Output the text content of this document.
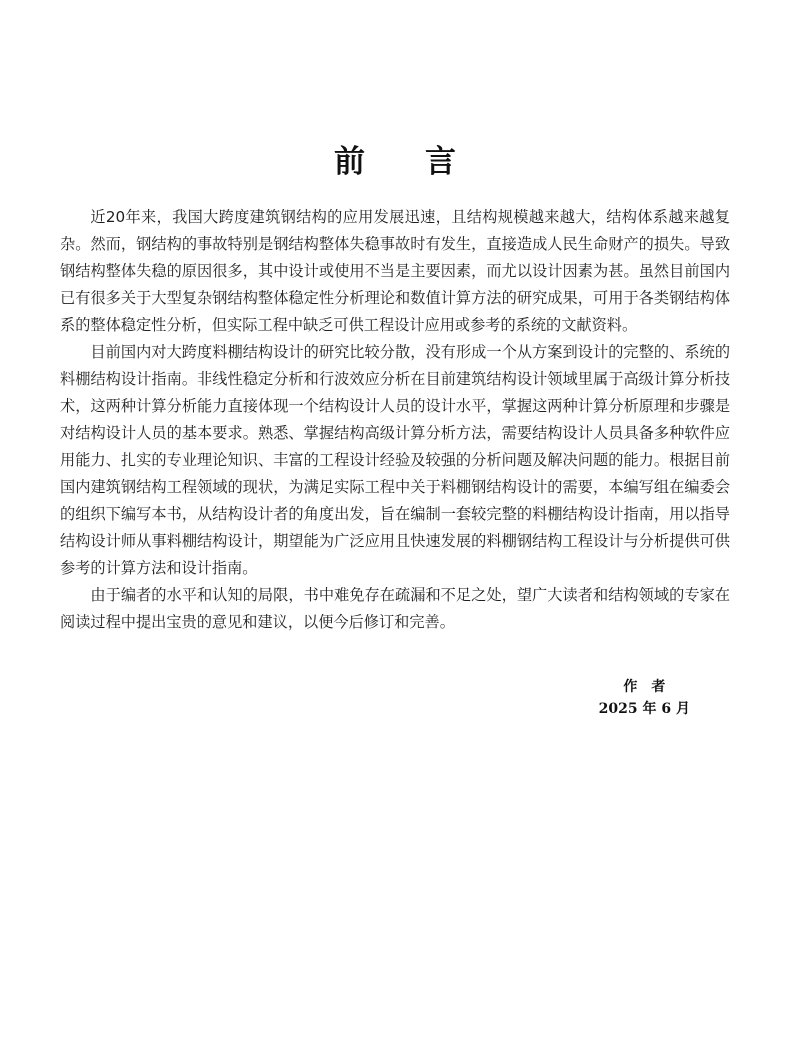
前 言

近20年来，我国大跨度建筑钢结构的应用发展迅速，且结构规模越来越大，结构体系越来越复杂。然而，钢结构的事故特别是钢结构整体失稳事故时有发生，直接造成人民生命财产的损失。导致钢结构整体失稳的原因很多，其中设计或使用不当是主要因素，而尤以设计因素为甚。虽然目前国内已有很多关于大型复杂钢结构整体稳定性分析理论和数值计算方法的研究成果，可用于各类钢结构体系的整体稳定性分析，但实际工程中缺乏可供工程设计应用或参考的系统的文献资料。

目前国内对大跨度料棚结构设计的研究比较分散，没有形成一个从方案到设计的完整的、系统的料棚结构设计指南。非线性稳定分析和行波效应分析在目前建筑结构设计领域里属于高级计算分析技术，这两种计算分析能力直接体现一个结构设计人员的设计水平，掌握这两种计算分析原理和步骤是对结构设计人员的基本要求。熟悉、掌握结构高级计算分析方法，需要结构设计人员具备多种软件应用能力、扎实的专业理论知识、丰富的工程设计经验及较强的分析问题及解决问题的能力。根据目前国内建筑钢结构工程领域的现状，为满足实际工程中关于料棚钢结构设计的需要，本编写组在编委会的组织下编写本书，从结构设计者的角度出发，旨在编制一套较完整的料棚结构设计指南，用以指导结构设计师从事料棚结构设计，期望能为广泛应用且快速发展的料棚钢结构工程设计与分析提供可供参考的计算方法和设计指南。

由于编者的水平和认知的局限，书中难免存在疏漏和不足之处，望广大读者和结构领域的专家在阅读过程中提出宝贵的意见和建议，以便今后修订和完善。

作　者
2025 年 6 月
